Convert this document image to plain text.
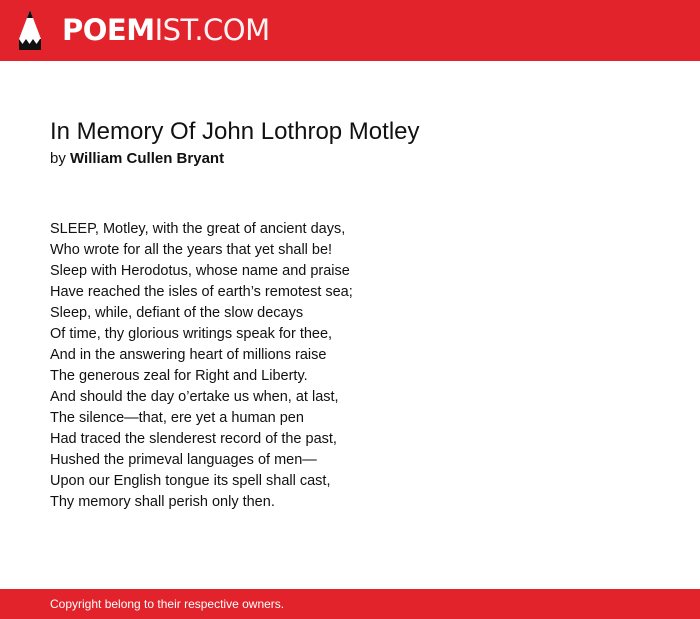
POEMIST.COM
In Memory Of John Lothrop Motley
by William Cullen Bryant
SLEEP, Motley, with the great of ancient days,
Who wrote for all the years that yet shall be!
Sleep with Herodotus, whose name and praise
Have reached the isles of earth’s remotest sea;
Sleep, while, defiant of the slow decays
Of time, thy glorious writings speak for thee,
And in the answering heart of millions raise
The generous zeal for Right and Liberty.
And should the day o’ertake us when, at last,
The silence—that, ere yet a human pen
Had traced the slenderest record of the past,
Hushed the primeval languages of men—
Upon our English tongue its spell shall cast,
Thy memory shall perish only then.
Copyright belong to their respective owners.
